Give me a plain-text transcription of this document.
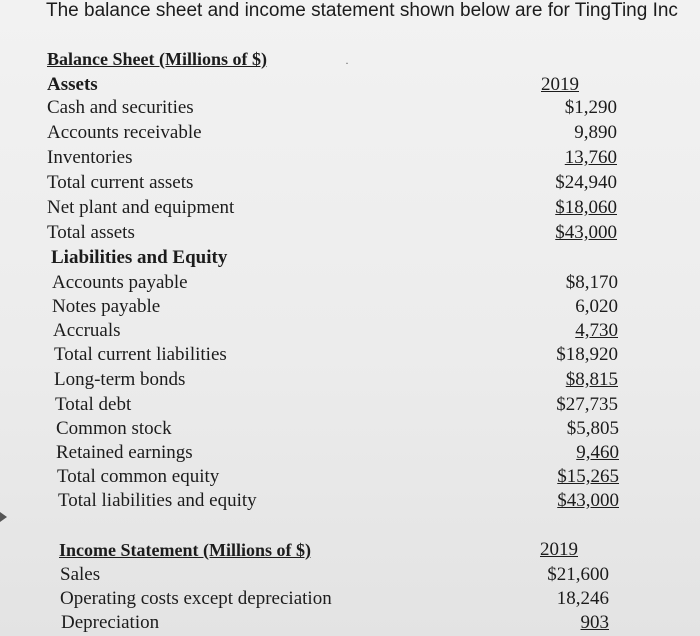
The balance sheet and income statement shown below are for TingTing Inc
Balance Sheet (Millions of $)	·
Assets	2019
Cash and securities	$1,290
Accounts receivable	9,890
Inventories	13,760
Total current assets	$24,940
Net plant and equipment	$18,060
Total assets	$43,000
Liabilities and Equity
Accounts payable	$8,170
Notes payable	6,020
Accruals	4,730
Total current liabilities	$18,920
Long-term bonds	$8,815
Total debt	$27,735
Common stock	$5,805
Retained earnings	9,460
Total common equity	$15,265
Total liabilities and equity	$43,000
Income Statement (Millions of $)	2019
Sales	$21,600
Operating costs except depreciation	18,246
Depreciation	903
